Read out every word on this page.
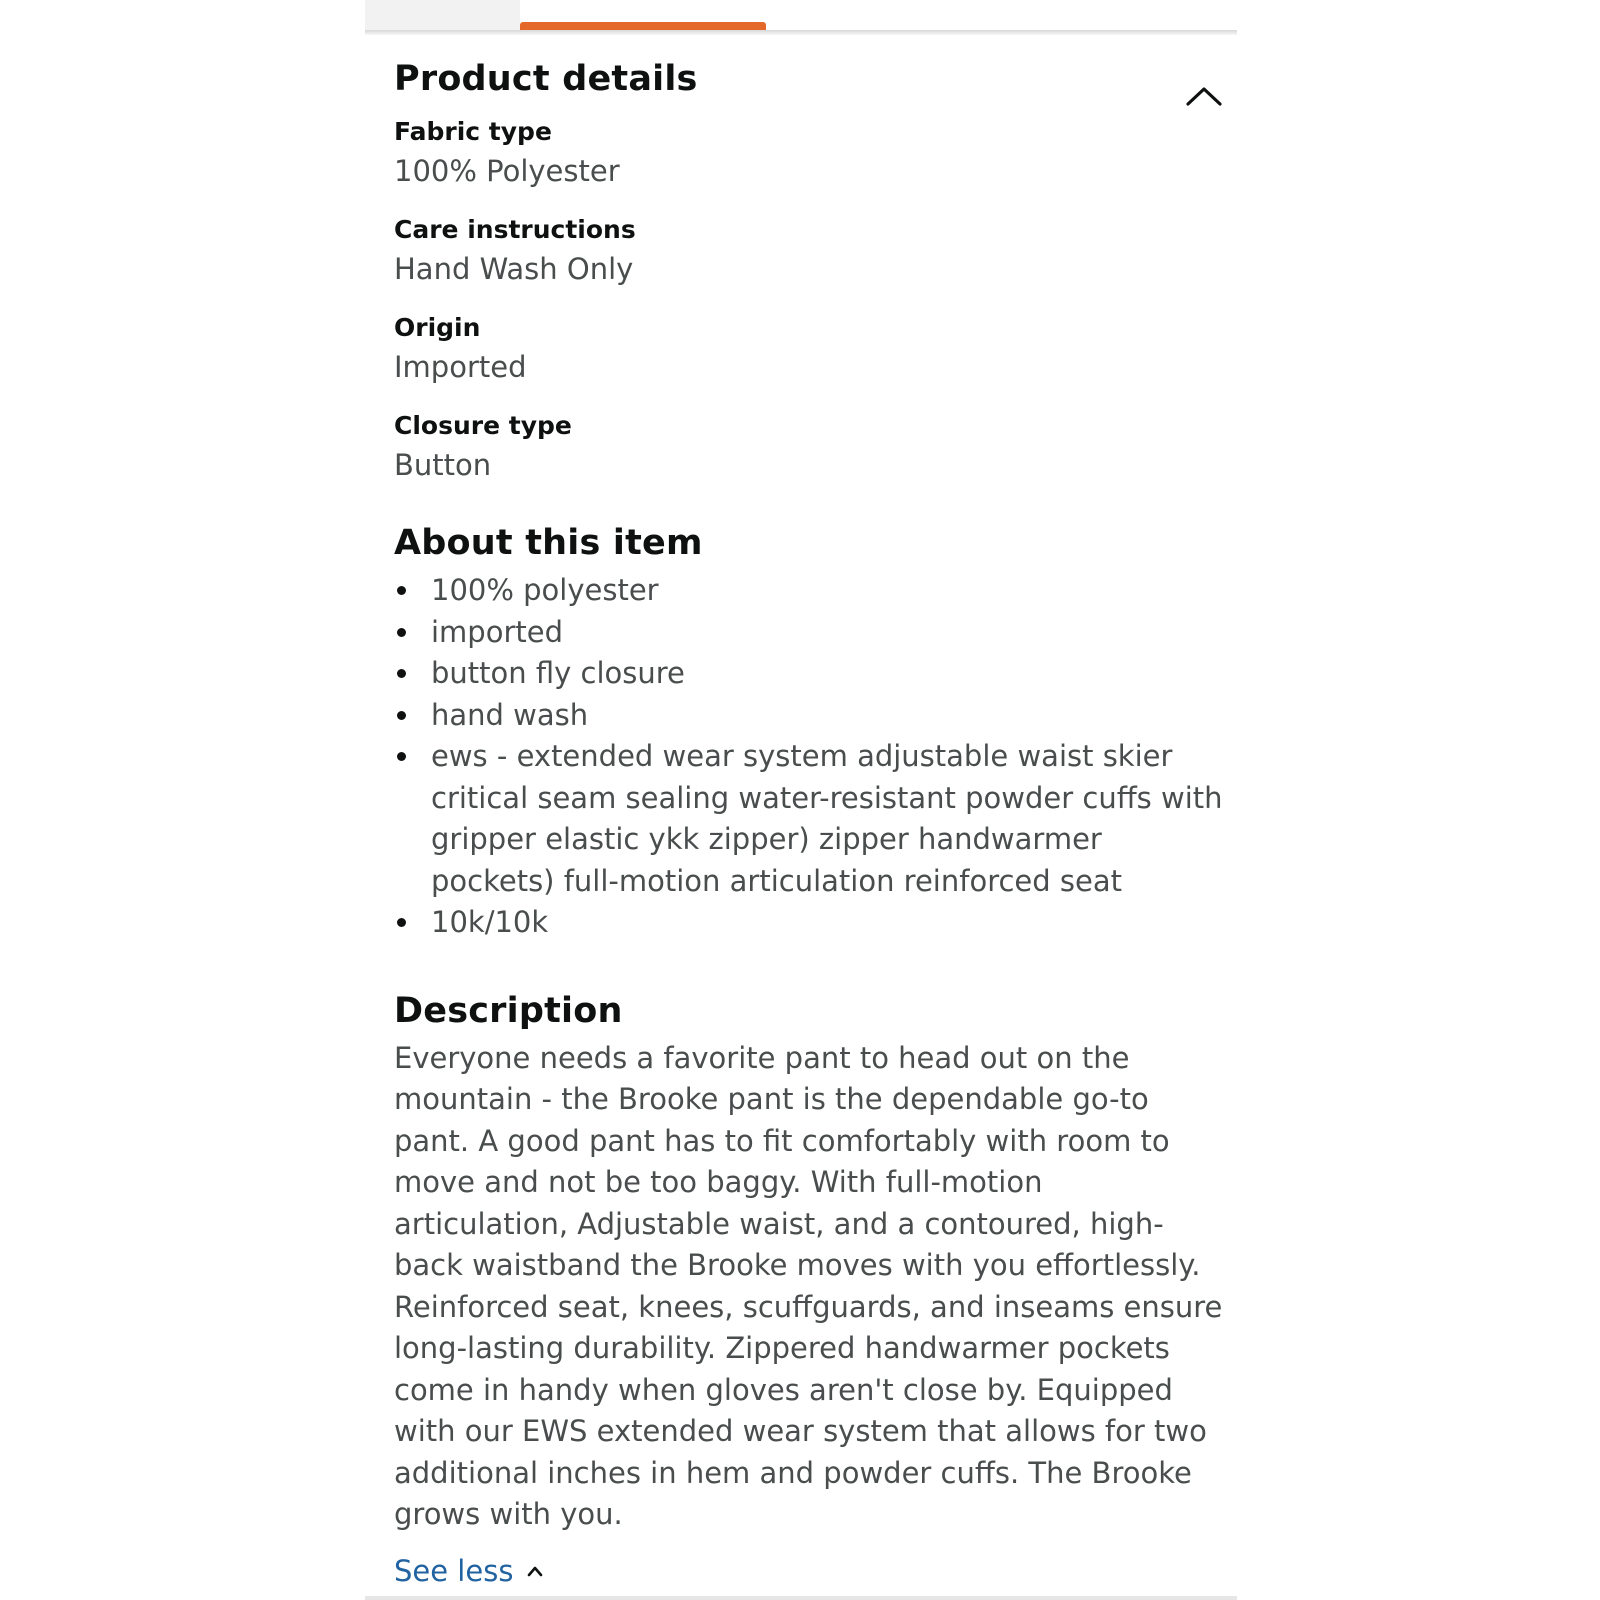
Product details
Fabric type
100% Polyester
Care instructions
Hand Wash Only
Origin
Imported
Closure type
Button
About this item
100% polyester
imported
button fly closure
hand wash
ews - extended wear system adjustable waist skier critical seam sealing water-resistant powder cuffs with gripper elastic ykk zipper) zipper handwarmer pockets) full-motion articulation reinforced seat
10k/10k
Description

Everyone needs a favorite pant to head out on the mountain - the Brooke pant is the dependable go-to pant. A good pant has to fit comfortably with room to move and not be too baggy. With full-motion articulation, Adjustable waist, and a contoured, high-back waistband the Brooke moves with you effortlessly. Reinforced seat, knees, scuffguards, and inseams ensure long-lasting durability. Zippered handwarmer pockets come in handy when gloves aren't close by. Equipped with our EWS extended wear system that allows for two additional inches in hem and powder cuffs. The Brooke grows with you.

See less
